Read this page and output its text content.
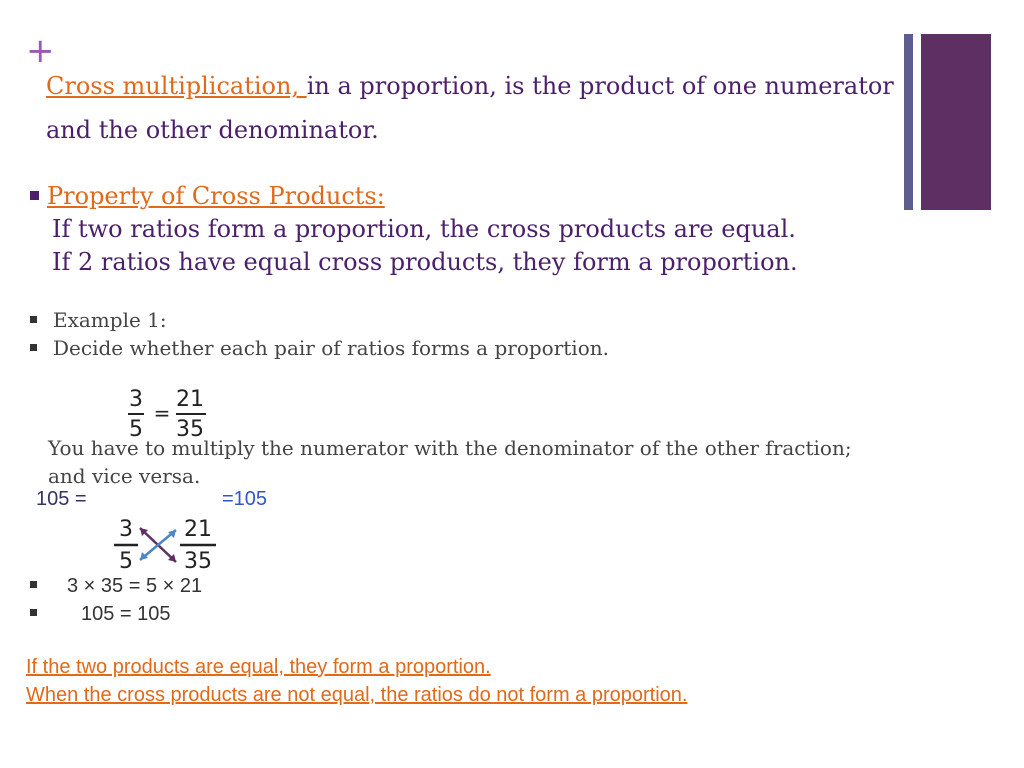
+
Cross multiplication, in a proportion, is the product of one numerator and the other denominator.
Property of Cross Products:
If two ratios form a proportion, the cross products are equal.
If 2 ratios have equal cross products, they form a proportion.
Example 1:
Decide whether each pair of ratios forms a proportion.
3
5
=
21
35
You have to multiply the numerator with the denominator of the other fraction; and vice versa.
105 =	=105
3
5
21
35
3 × 35 = 5 × 21
105 = 105
If the two products are equal, they form a proportion.
When the cross products are not equal, the ratios do not form a proportion.
